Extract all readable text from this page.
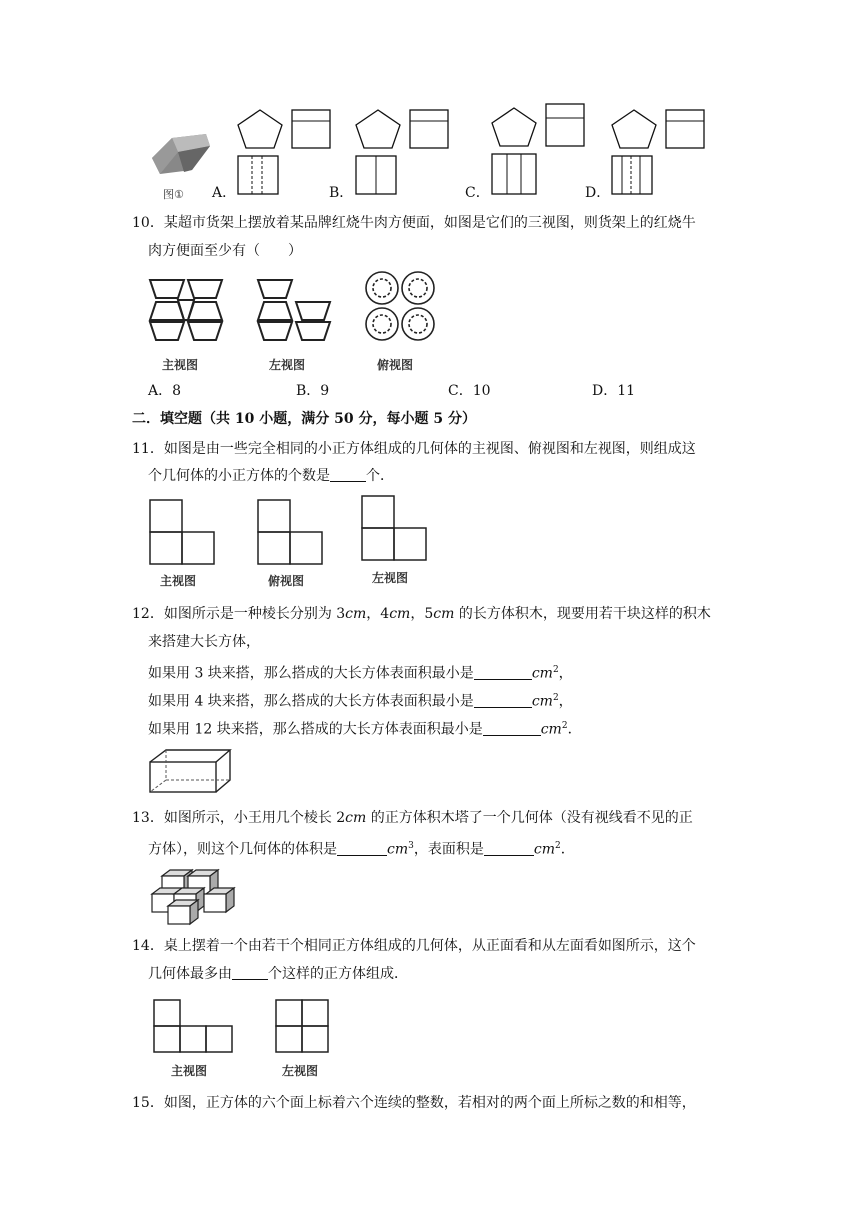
图① A．	B．	C．	D．
10．某超市货架上摆放着某品牌红烧牛肉方便面，如图是它们的三视图，则货架上的红烧牛
肉方便面至少有（　　）
主视图	左视图	俯视图
A．8	B．9	C．10	D．11
二．填空题（共 10 小题，满分 50 分，每小题 5 分）
11．如图是由一些完全相同的小正方体组成的几何体的主视图、俯视图和左视图，则组成这
个几何体的小正方体的个数是	个．
主视图	俯视图	左视图
12．如图所示是一种棱长分别为 3cm，4cm，5cm 的长方体积木，现要用若干块这样的积木
来搭建大长方体，
如果用 3 块来搭，那么搭成的大长方体表面积最小是	$cm^2$，
如果用 4 块来搭，那么搭成的大长方体表面积最小是	$cm^2$，
如果用 12 块来搭，那么搭成的大长方体表面积最小是	$cm^2$．
13．如图所示，小王用几个棱长 2cm 的正方体积木塔了一个几何体（没有视线看不见的正
方体），则这个几何体的体积是	$cm^3$，表面积是	$cm^2$．
14．桌上摆着一个由若干个相同正方体组成的几何体，从正面看和从左面看如图所示，这个
几何体最多由	个这样的正方体组成．
主视图	左视图
15．如图，正方体的六个面上标着六个连续的整数，若相对的两个面上所标之数的和相等，
